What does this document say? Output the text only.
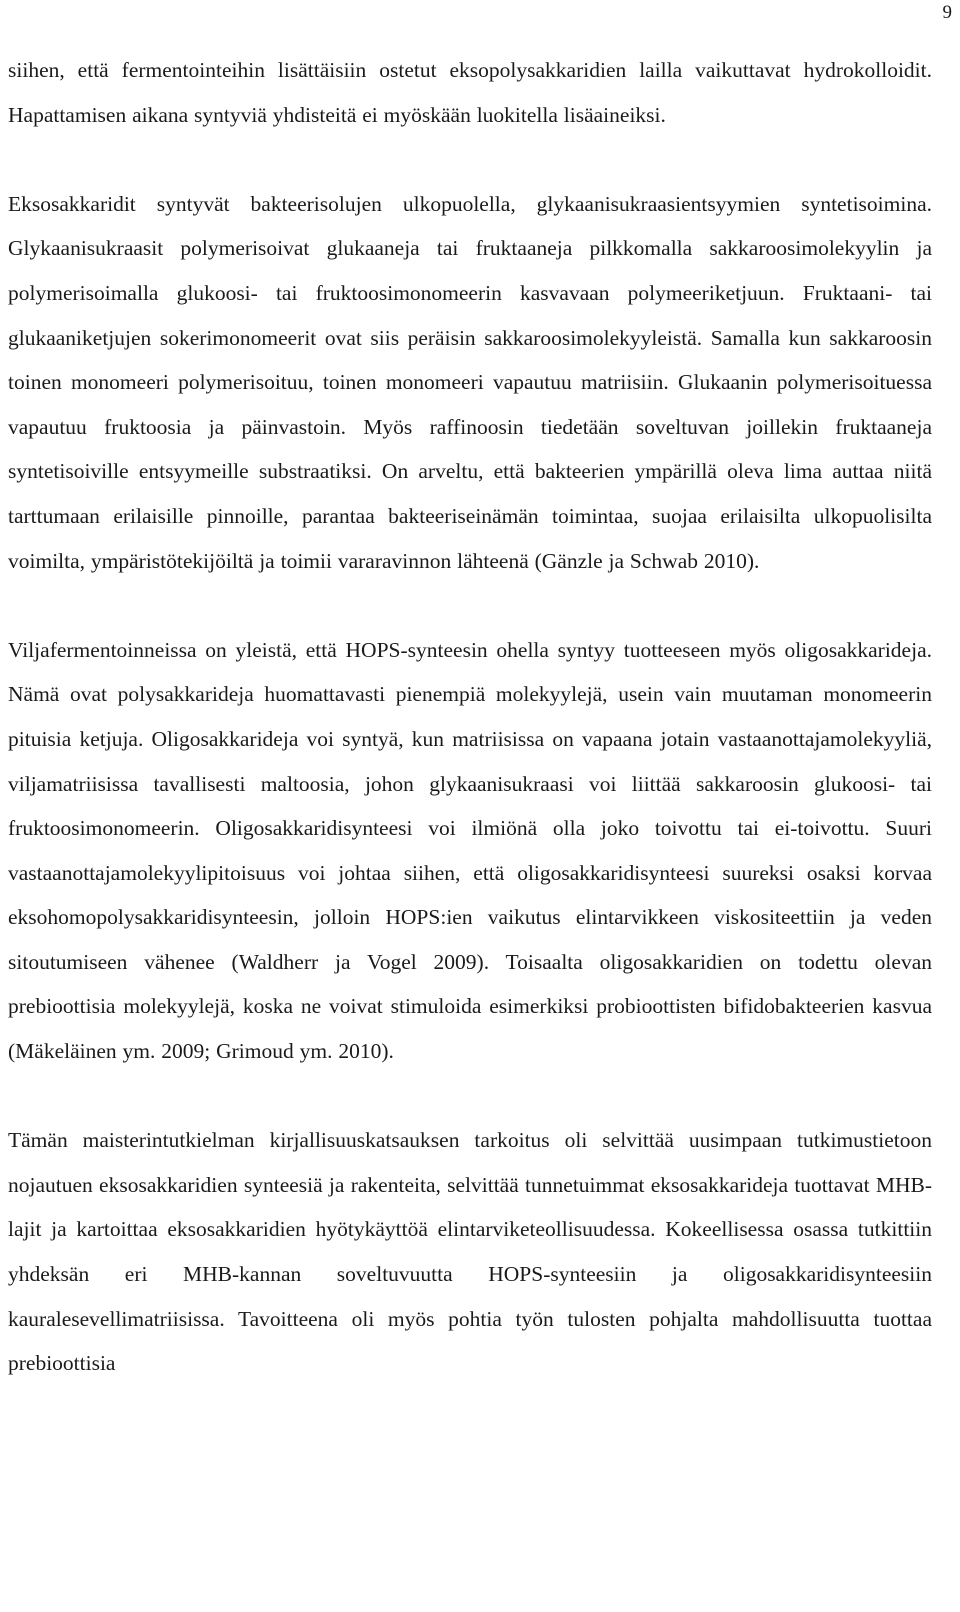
9

siihen, että fermentointeihin lisättäisiin ostetut eksopolysakkaridien lailla vaikuttavat hydrokolloidit. Hapattamisen aikana syntyviä yhdisteitä ei myöskään luokitella lisäaineiksi.

Eksosakkaridit syntyvät bakteerisolujen ulkopuolella, glykaanisukraasientsyymien syntetisoimina. Glykaanisukraasit polymerisoivat glukaaneja tai fruktaaneja pilkkomalla sakkaroosimolekyylin ja polymerisoimalla glukoosi- tai fruktoosimonomeerin kasvavaan polymeeriketjuun. Fruktaani- tai glukaaniketjujen sokerimonomeerit ovat siis peräisin sakkaroosimolekyyleistä. Samalla kun sakkaroosin toinen monomeeri polymerisoituu, toinen monomeeri vapautuu matriisiin. Glukaanin polymerisoituessa vapautuu fruktoosia ja päinvastoin. Myös raffinoosin tiedetään soveltuvan joillekin fruktaaneja syntetisoiville entsyymeille substraatiksi. On arveltu, että bakteerien ympärillä oleva lima auttaa niitä tarttumaan erilaisille pinnoille, parantaa bakteeriseinämän toimintaa, suojaa erilaisilta ulkopuolisilta voimilta, ympäristötekijöiltä ja toimii vararavinnon lähteenä (Gänzle ja Schwab 2010).

Viljafermentoinneissa on yleistä, että HOPS-synteesin ohella syntyy tuotteeseen myös oligosakkarideja. Nämä ovat polysakkarideja huomattavasti pienempiä molekyylejä, usein vain muutaman monomeerin pituisia ketjuja. Oligosakkarideja voi syntyä, kun matriisissa on vapaana jotain vastaanottajamolekyyliä, viljamatriisissa tavallisesti maltoosia, johon glykaanisukraasi voi liittää sakkaroosin glukoosi- tai fruktoosimonomeerin. Oligosakkaridisynteesi voi ilmiönä olla joko toivottu tai ei-toivottu. Suuri vastaanottajamolekyylipitoisuus voi johtaa siihen, että oligosakkaridisynteesi suureksi osaksi korvaa eksohomopolysakkaridisynteesin, jolloin HOPS:ien vaikutus elintarvikkeen viskositeettiin ja veden sitoutumiseen vähenee (Waldherr ja Vogel 2009). Toisaalta oligosakkaridien on todettu olevan prebioottisia molekyylejä, koska ne voivat stimuloida esimerkiksi probioottisten bifidobakteerien kasvua (Mäkeläinen ym. 2009; Grimoud ym. 2010).

Tämän maisterintutkielman kirjallisuuskatsauksen tarkoitus oli selvittää uusimpaan tutkimustietoon nojautuen eksosakkaridien synteesiä ja rakenteita, selvittää tunnetuimmat eksosakkarideja tuottavat MHB-lajit ja kartoittaa eksosakkaridien hyötykäyttöä elintarviketeollisuudessa. Kokeellisessa osassa tutkittiin yhdeksän eri MHB-kannan soveltuvuutta HOPS-synteesiin ja oligosakkaridisynteesiin kauralesevellimatriisissa. Tavoitteena oli myös pohtia työn tulosten pohjalta mahdollisuutta tuottaa prebioottisia
